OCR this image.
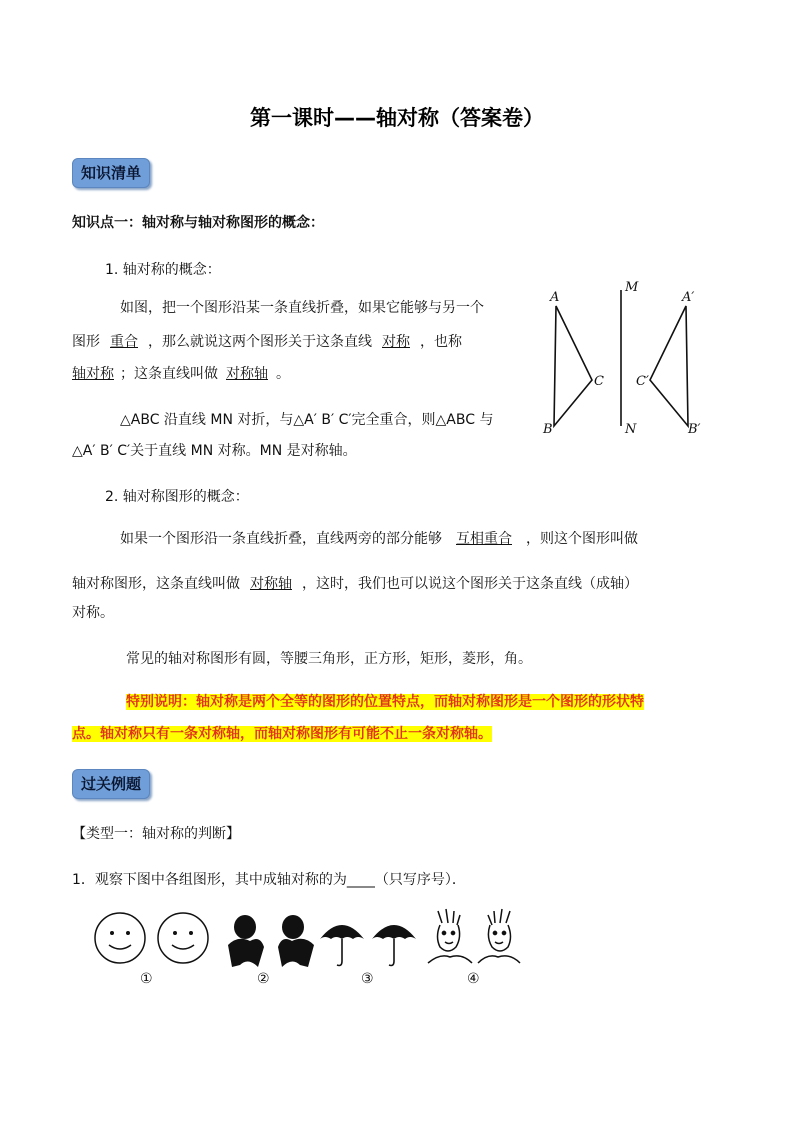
第一课时——轴对称（答案卷）
知识清单
知识点一：轴对称与轴对称图形的概念：
1. 轴对称的概念：
如图，把一个图形沿某一条直线折叠，如果它能够与另一个
图形 重合 ，那么就说这两个图形关于这条直线 对称 ，也称
轴对称 ；这条直线叫做 对称轴 。
△ABC 沿直线 MN 对折，与△A′ B′ C′完全重合，则△ABC 与
△A′ B′ C′关于直线 MN 对称。MN 是对称轴。
A
C
B
M
N
A′
C′
B′
2. 轴对称图形的概念：
如果一个图形沿一条直线折叠，直线两旁的部分能够 互相重合 ，则这个图形叫做
轴对称图形，这条直线叫做 对称轴 ，这时，我们也可以说这个图形关于这条直线（成轴）
对称。
常见的轴对称图形有圆，等腰三角形，正方形，矩形，菱形，角。
特别说明：轴对称是两个全等的图形的位置特点，而轴对称图形是一个图形的形状特
点。轴对称只有一条对称轴，而轴对称图形有可能不止一条对称轴。
过关例题
【类型一：轴对称的判断】
1．观察下图中各组图形，其中成轴对称的为____（只写序号）．
①	②	③	④
